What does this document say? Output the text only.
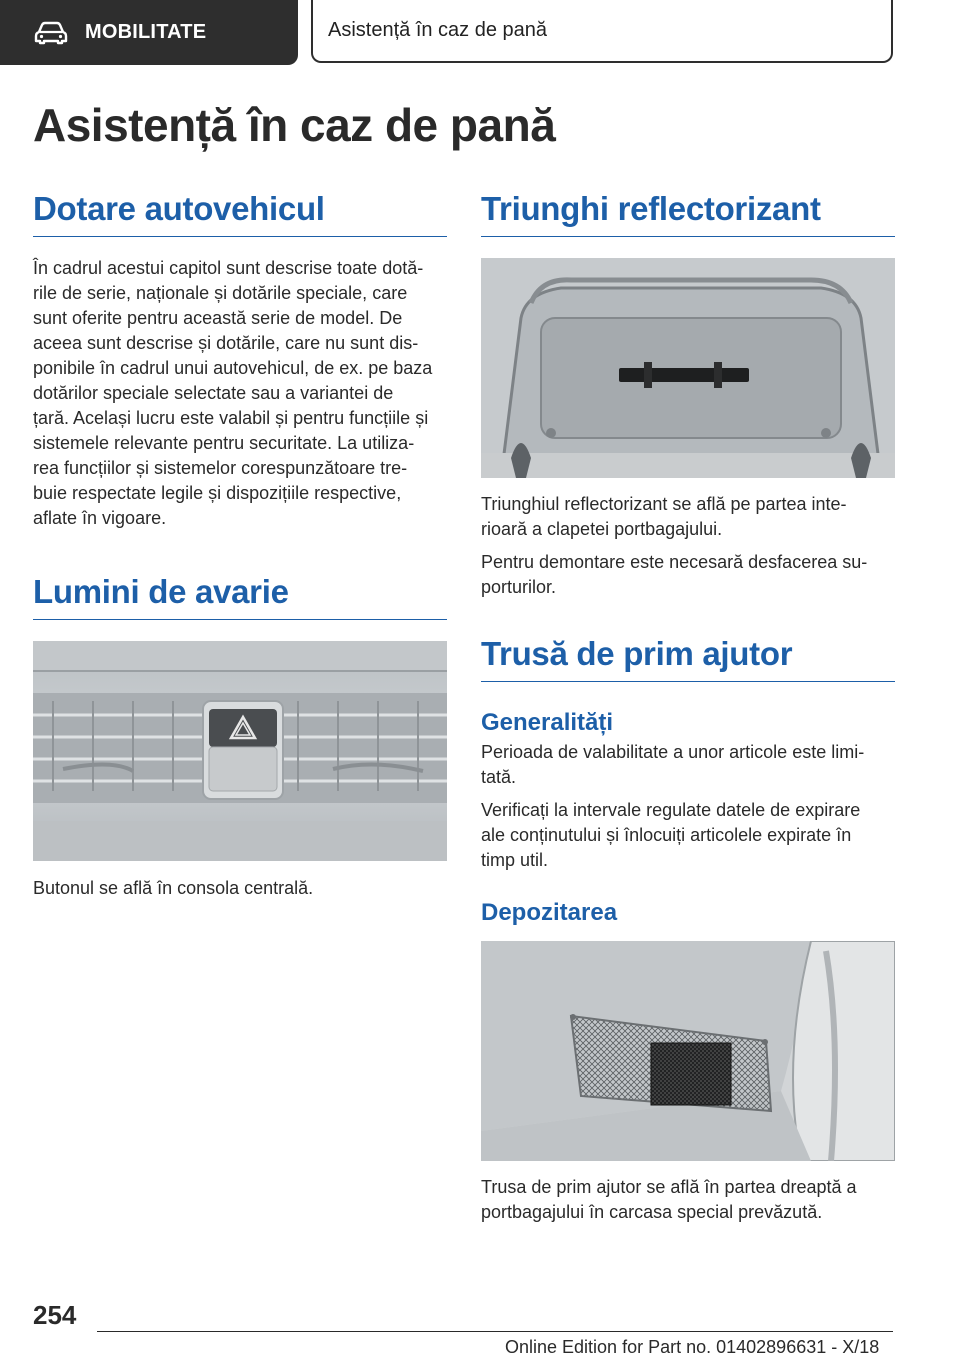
MOBILITATE	Asistență în caz de pană
Asistență în caz de pană
Dotare autovehicul

În cadrul acestui capitol sunt descrise toate dotă-
rile de serie, naționale și dotările speciale, care
sunt oferite pentru această serie de model. De
aceea sunt descrise și dotările, care nu sunt dis-
ponibile în cadrul unui autovehicul, de ex. pe baza
dotărilor speciale selectate sau a variantei de
țară. Același lucru este valabil și pentru funcțiile și
sistemele relevante pentru securitate. La utiliza-
rea funcțiilor și sistemelor corespunzătoare tre-
buie respectate legile și dispozițiile respective,
aflate în vigoare.

Lumini de avarie

Butonul se află în consola centrală.

Triunghi reflectorizant

Triunghiul reflectorizant se află pe partea inte-
rioară a clapetei portbagajului.

Pentru demontare este necesară desfacerea su-
porturilor.

Trusă de prim ajutor
Generalități

Perioada de valabilitate a unor articole este limi-
tată.

Verificați la intervale regulate datele de expirare
ale conținutului și înlocuiți articolele expirate în
timp util.

Depozitarea

Trusa de prim ajutor se află în partea dreaptă a
portbagajului în carcasa special prevăzută.

254
Online Edition for Part no. 01402896631 - X/18
